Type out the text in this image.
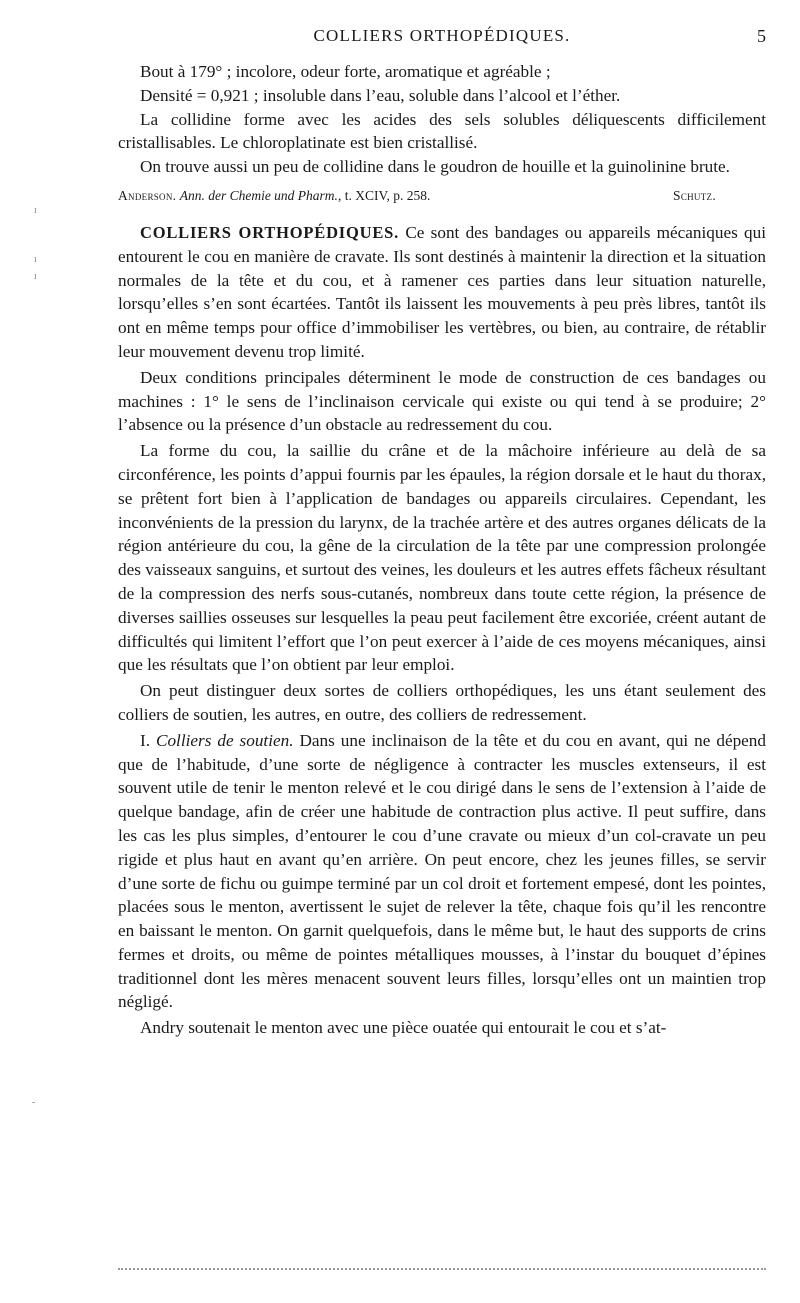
COLLIERS ORTHOPÉDIQUES.	5

Bout à 179° ; incolore, odeur forte, aromatique et agréable ;

Densité = 0,921 ; insoluble dans l’eau, soluble dans l’alcool et l’éther.

La collidine forme avec les acides des sels solubles déliquescents difficilement cristallisables. Le chloroplatinate est bien cristallisé.

On trouve aussi un peu de collidine dans le goudron de houille et la guinolinine brute.

Anderson. Ann. der Chemie und Pharm., t. XCIV, p. 258.	Schutz.

COLLIERS ORTHOPÉDIQUES. Ce sont des bandages ou appareils mécaniques qui entourent le cou en manière de cravate. Ils sont destinés à maintenir la direction et la situation normales de la tête et du cou, et à ramener ces parties dans leur situation naturelle, lorsqu’elles s’en sont écartées. Tantôt ils laissent les mouvements à peu près libres, tantôt ils ont en même temps pour office d’immobiliser les vertèbres, ou bien, au contraire, de rétablir leur mouvement devenu trop limité.

Deux conditions principales déterminent le mode de construction de ces bandages ou machines : 1° le sens de l’inclinaison cervicale qui existe ou qui tend à se produire; 2° l’absence ou la présence d’un obstacle au redressement du cou.

La forme du cou, la saillie du crâne et de la mâchoire inférieure au delà de sa circonférence, les points d’appui fournis par les épaules, la région dorsale et le haut du thorax, se prêtent fort bien à l’application de bandages ou appareils circulaires. Cependant, les inconvénients de la pression du larynx, de la trachée artère et des autres organes délicats de la région antérieure du cou, la gêne de la circulation de la tête par une compression prolongée des vaisseaux sanguins, et surtout des veines, les douleurs et les autres effets fâcheux résultant de la compression des nerfs sous-cutanés, nombreux dans toute cette région, la présence de diverses saillies osseuses sur lesquelles la peau peut facilement être excoriée, créent autant de difficultés qui limitent l’effort que l’on peut exercer à l’aide de ces moyens mécaniques, ainsi que les résultats que l’on obtient par leur emploi.

On peut distinguer deux sortes de colliers orthopédiques, les uns étant seulement des colliers de soutien, les autres, en outre, des colliers de redressement.

I. Colliers de soutien. Dans une inclinaison de la tête et du cou en avant, qui ne dépend que de l’habitude, d’une sorte de négligence à contracter les muscles extenseurs, il est souvent utile de tenir le menton relevé et le cou dirigé dans le sens de l’extension à l’aide de quelque bandage, afin de créer une habitude de contraction plus active. Il peut suffire, dans les cas les plus simples, d’entourer le cou d’une cravate ou mieux d’un col-cravate un peu rigide et plus haut en avant qu’en arrière. On peut encore, chez les jeunes filles, se servir d’une sorte de fichu ou guimpe terminé par un col droit et fortement empesé, dont les pointes, placées sous le menton, avertissent le sujet de relever la tête, chaque fois qu’il les rencontre en baissant le menton. On garnit quelquefois, dans le même but, le haut des supports de crins fermes et droits, ou même de pointes métalliques mousses, à l’instar du bouquet d’épines traditionnel dont les mères menacent souvent leurs filles, lorsqu’elles ont un maintien trop négligé.

Andry soutenait le menton avec une pièce ouatée qui entourait le cou et s’at-

ı
ı
ı
-
